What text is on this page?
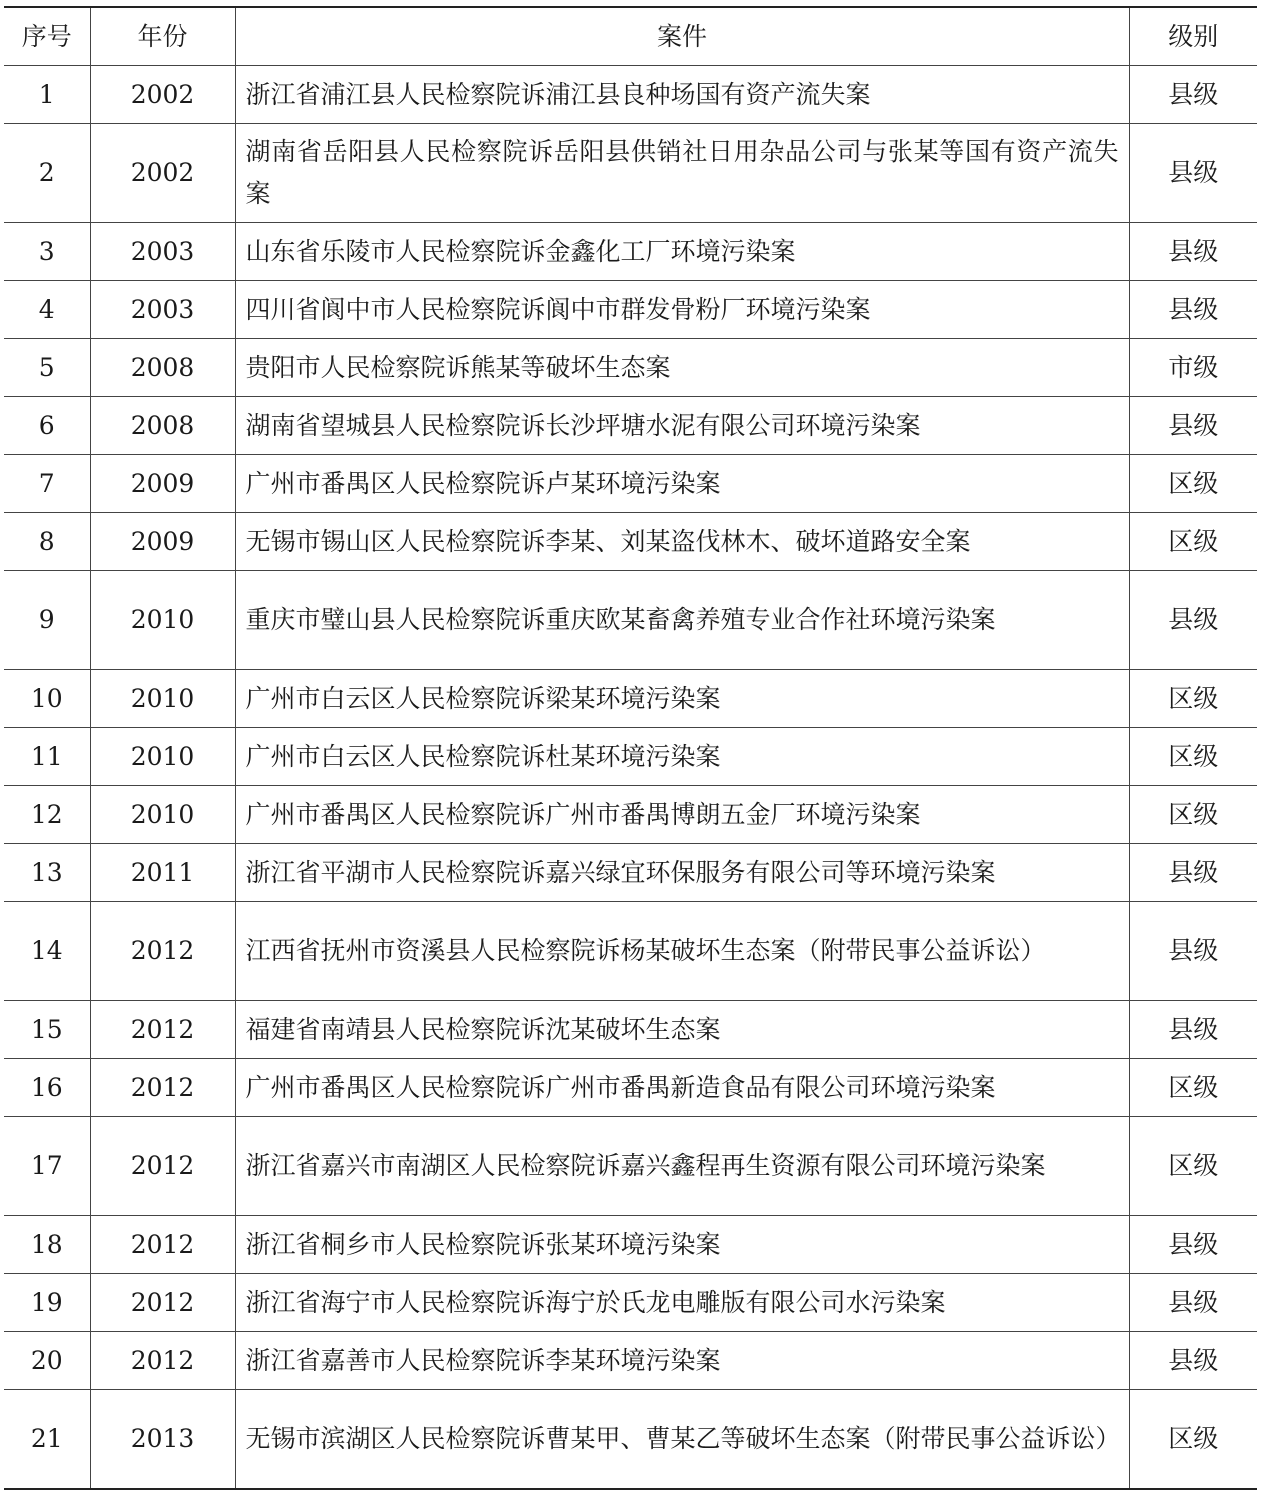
序号	年份	案件	级别
1	2002	浙江省浦江县人民检察院诉浦江县良种场国有资产流失案	县级
2	2002	湖南省岳阳县人民检察院诉岳阳县供销社日用杂品公司与张某等国有资产流失案	县级
3	2003	山东省乐陵市人民检察院诉金鑫化工厂环境污染案	县级
4	2003	四川省阆中市人民检察院诉阆中市群发骨粉厂环境污染案	县级
5	2008	贵阳市人民检察院诉熊某等破坏生态案	市级
6	2008	湖南省望城县人民检察院诉长沙坪塘水泥有限公司环境污染案	县级
7	2009	广州市番禺区人民检察院诉卢某环境污染案	区级
8	2009	无锡市锡山区人民检察院诉李某、刘某盗伐林木、破坏道路安全案	区级
9	2010	重庆市璧山县人民检察院诉重庆欧某畜禽养殖专业合作社环境污染案	县级
10	2010	广州市白云区人民检察院诉梁某环境污染案	区级
11	2010	广州市白云区人民检察院诉杜某环境污染案	区级
12	2010	广州市番禺区人民检察院诉广州市番禺博朗五金厂环境污染案	区级
13	2011	浙江省平湖市人民检察院诉嘉兴绿宜环保服务有限公司等环境污染案	县级
14	2012	江西省抚州市资溪县人民检察院诉杨某破坏生态案（附带民事公益诉讼）	县级
15	2012	福建省南靖县人民检察院诉沈某破坏生态案	县级
16	2012	广州市番禺区人民检察院诉广州市番禺新造食品有限公司环境污染案	区级
17	2012	浙江省嘉兴市南湖区人民检察院诉嘉兴鑫程再生资源有限公司环境污染案	区级
18	2012	浙江省桐乡市人民检察院诉张某环境污染案	县级
19	2012	浙江省海宁市人民检察院诉海宁於氏龙电雕版有限公司水污染案	县级
20	2012	浙江省嘉善市人民检察院诉李某环境污染案	县级
21	2013	无锡市滨湖区人民检察院诉曹某甲、曹某乙等破坏生态案（附带民事公益诉讼）	区级
